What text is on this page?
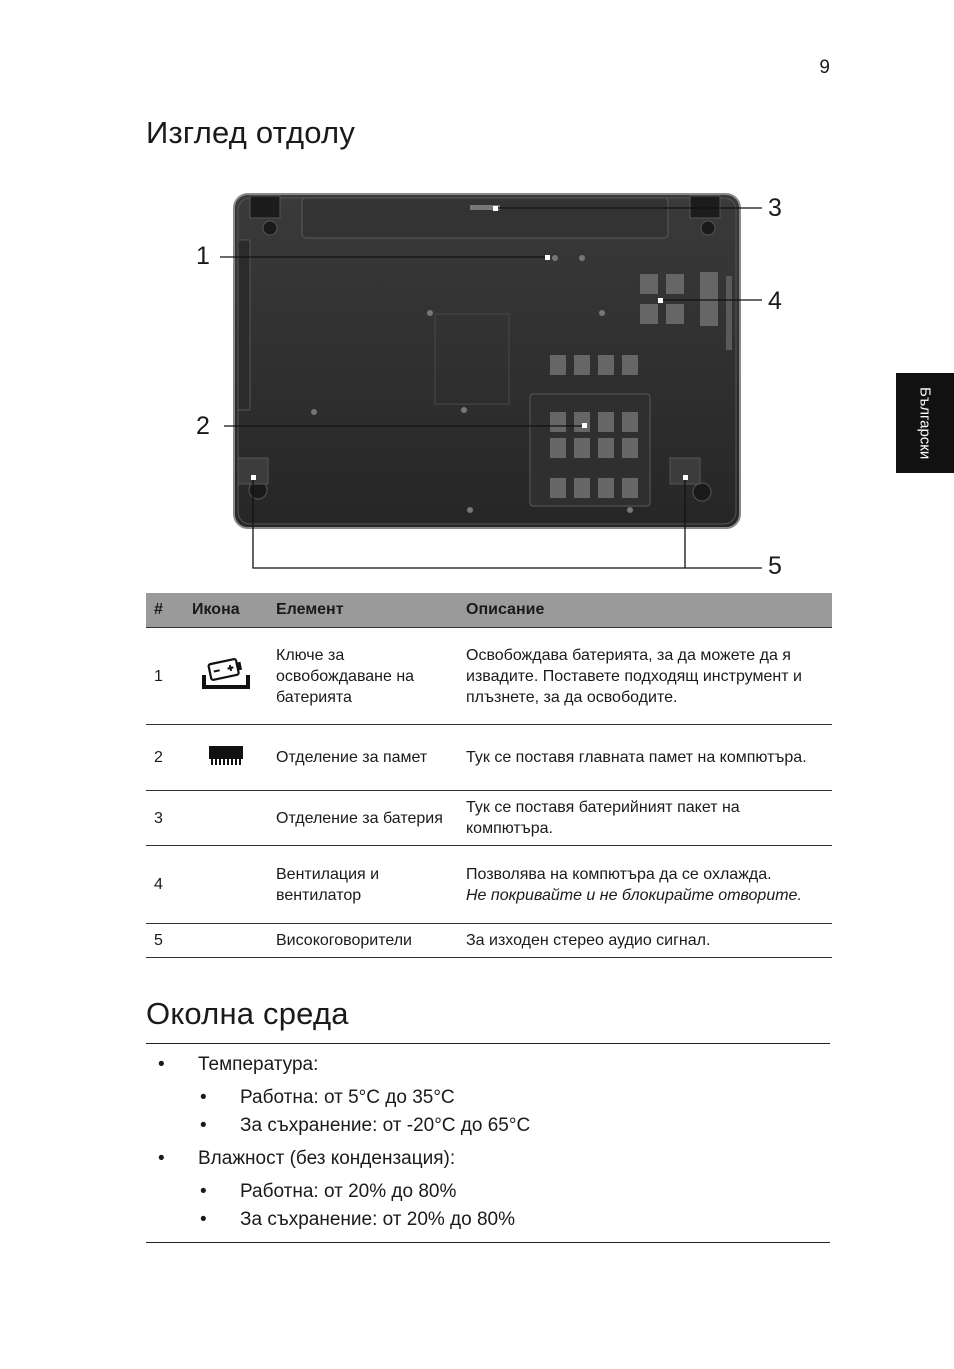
9
Български
Изглед отдолу
1
2
3
4
5
#	Икона	Елемент	Описание
1		Ключе за освобождаване на батерията	Освобождава батерията, за да можете да я извадите. Поставете подходящ инструмент и плъзнете, за да освободите.
2		Отделение за памет	Тук се поставя главната памет на компютъра.
3		Отделение за батерия	Тук се поставя батерийният пакет на компютъра.
4		Вентилация и вентилатор	Позволява на компютъра да се охлажда.
Не покривайте и не блокирайте отворите.

5		Високоговорители	За изходен стерео аудио сигнал.
Околна среда
• Температура:
• Работна: от 5°C до 35°C
• За съхранение: от -20°C до 65°C
• Влажност (без кондензация):
• Работна: от 20% до 80%
• За съхранение: от 20% до 80%
